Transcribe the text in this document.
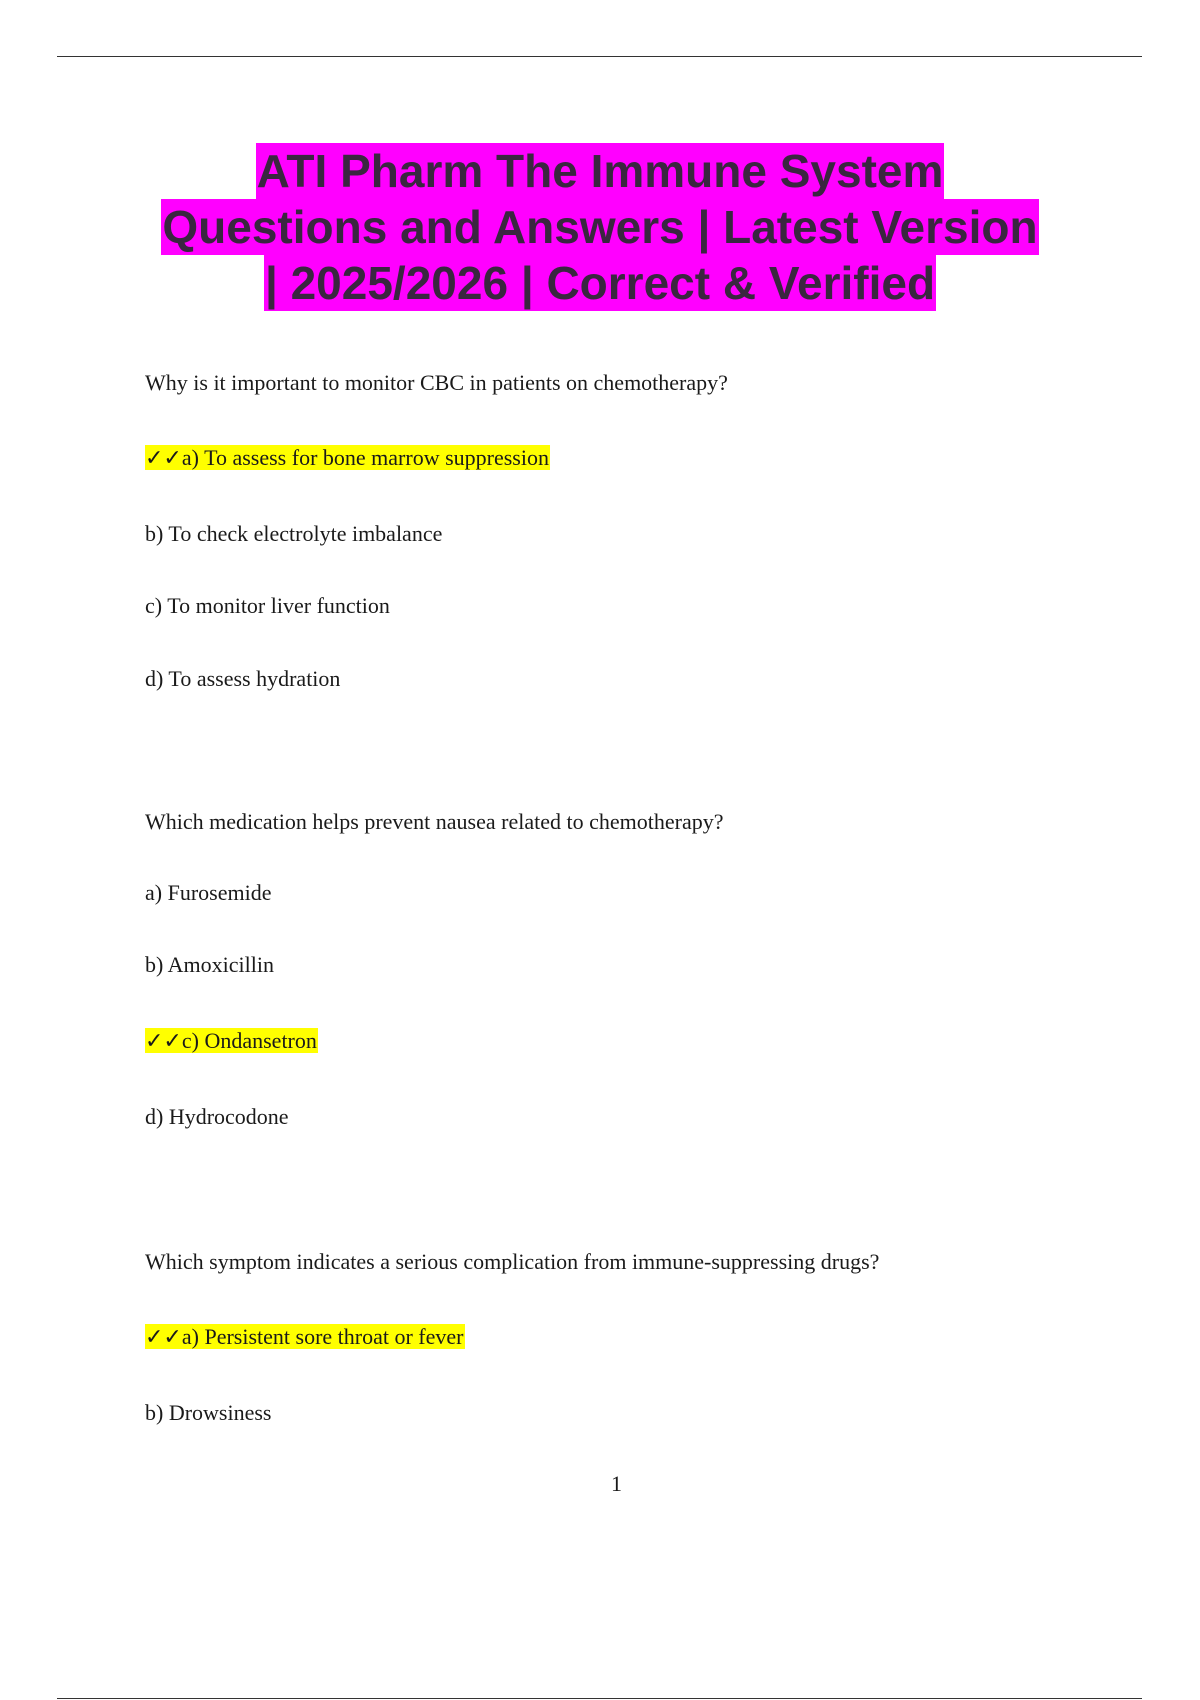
ATI Pharm The Immune System
Questions and Answers | Latest Version
| 2025/2026 | Correct & Verified
Why is it important to monitor CBC in patients on chemotherapy?
✓✓a) To assess for bone marrow suppression
b) To check electrolyte imbalance
c) To monitor liver function
d) To assess hydration
Which medication helps prevent nausea related to chemotherapy?
a) Furosemide
b) Amoxicillin
✓✓c) Ondansetron
d) Hydrocodone
Which symptom indicates a serious complication from immune-suppressing drugs?
✓✓a) Persistent sore throat or fever
b) Drowsiness
1
